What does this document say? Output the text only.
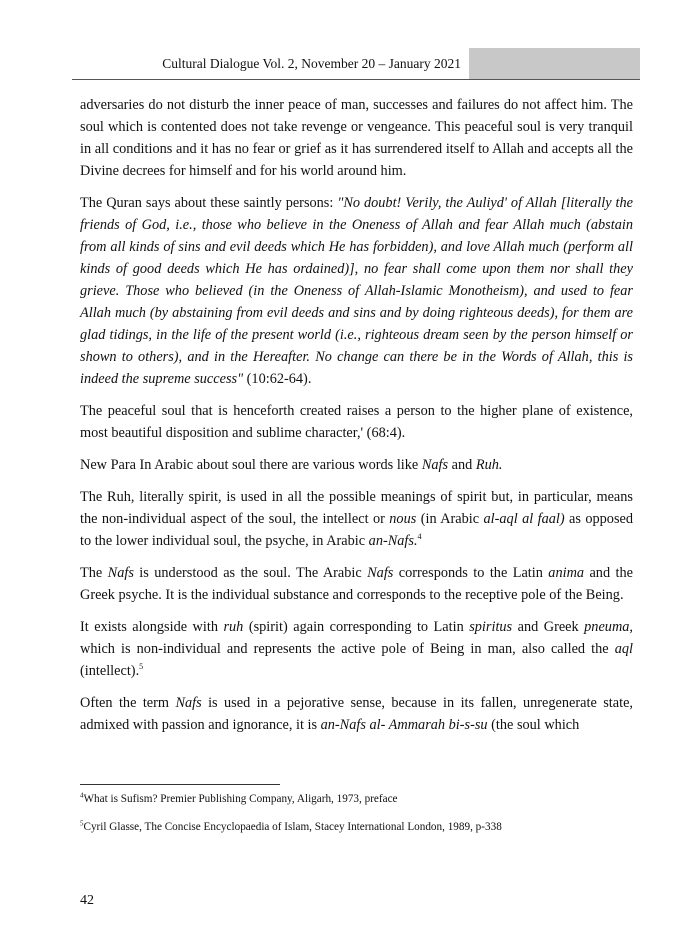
Cultural Dialogue Vol. 2, November 20 – January 2021

adversaries do not disturb the inner peace of man, successes and failures do not affect him. The soul which is contented does not take revenge or vengeance. This peaceful soul is very tranquil in all conditions and it has no fear or grief as it has surrendered itself to Allah and accepts all the Divine decrees for himself and for his world around him.

The Quran says about these saintly persons: "No doubt! Verily, the Auliyd' of Allah [literally the friends of God, i.e., those who believe in the Oneness of Allah and fear Allah much (abstain from all kinds of sins and evil deeds which He has forbidden), and love Allah much (perform all kinds of good deeds which He has ordained)], no fear shall come upon them nor shall they grieve. Those who believed (in the Oneness of Allah-Islamic Monotheism), and used to fear Allah much (by abstaining from evil deeds and sins and by doing righteous deeds), for them are glad tidings, in the life of the present world (i.e., righteous dream seen by the person himself or shown to others), and in the Hereafter. No change can there be in the Words of Allah, this is indeed the supreme success" (10:62-64).

The peaceful soul that is henceforth created raises a person to the higher plane of existence, most beautiful disposition and sublime character,' (68:4).

New Para In Arabic about soul there are various words like Nafs and Ruh.

The Ruh, literally spirit, is used in all the possible meanings of spirit but, in particular, means the non-individual aspect of the soul, the intellect or nous (in Arabic al-aql al faal) as opposed to the lower individual soul, the psyche, in Arabic an-Nafs.$^4$

The Nafs is understood as the soul. The Arabic Nafs corresponds to the Latin anima and the Greek psyche. It is the individual substance and corresponds to the receptive pole of the Being.

It exists alongside with ruh (spirit) again corresponding to Latin spiritus and Greek pneuma, which is non-individual and represents the active pole of Being in man, also called the aql (intellect).$^5$

Often the term Nafs is used in a pejorative sense, because in its fallen, unregenerate state, admixed with passion and ignorance, it is an-Nafs al- Ammarah bi-s-su (the soul which

$^4$What is Sufism? Premier Publishing Company, Aligarh, 1973, preface
$^5$Cyril Glasse, The Concise Encyclopaedia of Islam, Stacey International London, 1989, p-338
42
